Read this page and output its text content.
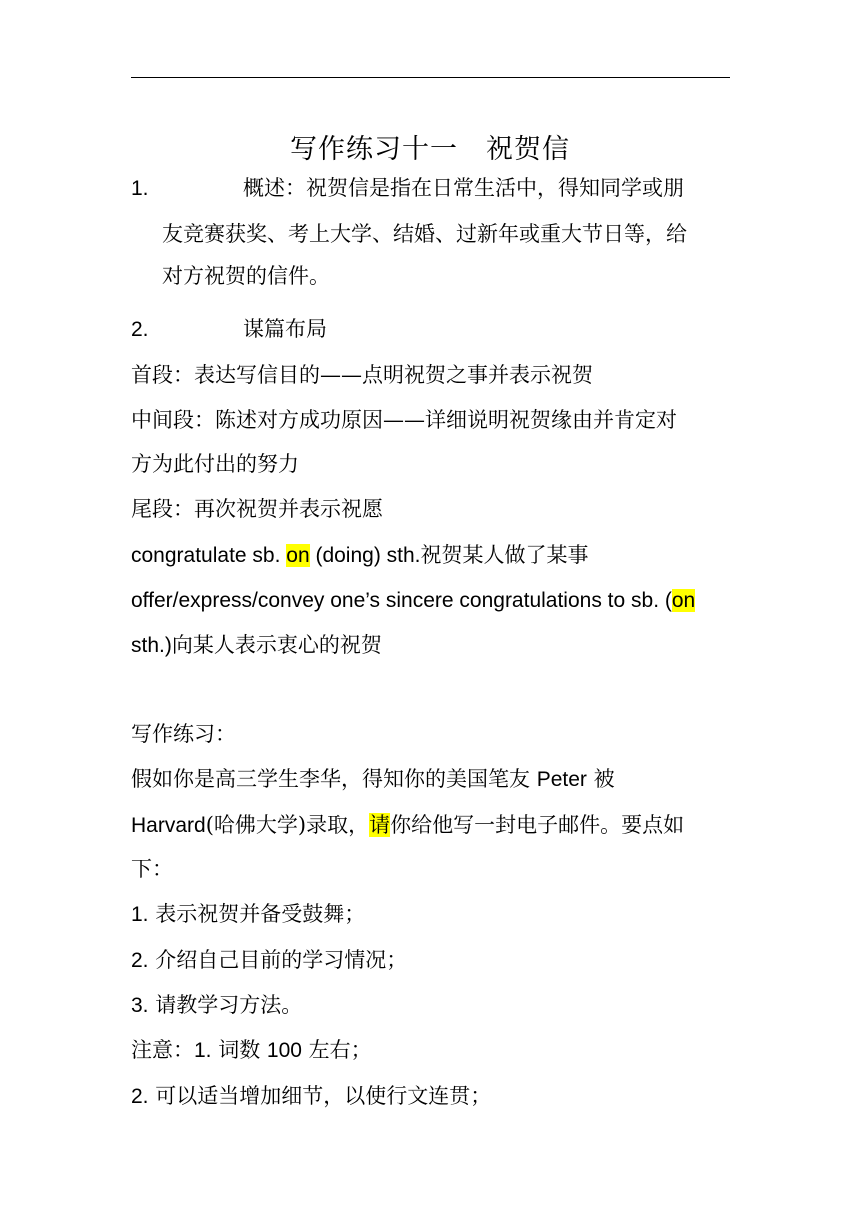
写作练习十一　祝贺信
1.	概述：祝贺信是指在日常生活中，得知同学或朋
友竞赛获奖、考上大学、结婚、过新年或重大节日等，给
对方祝贺的信件。
2.	谋篇布局
首段：表达写信目的——点明祝贺之事并表示祝贺
中间段：陈述对方成功原因——详细说明祝贺缘由并肯定对
方为此付出的努力
尾段：再次祝贺并表示祝愿
congratulate sb. on (doing) sth.祝贺某人做了某事
offer/express/convey one’s sincere congratulations to sb. (on
sth.)向某人表示衷心的祝贺
写作练习：
假如你是高三学生李华，得知你的美国笔友 Peter 被
Harvard(哈佛大学)录取，请你给他写一封电子邮件。要点如
下：
1. 表示祝贺并备受鼓舞；
2. 介绍自己目前的学习情况；
3. 请教学习方法。
注意：1. 词数 100 左右；
2. 可以适当增加细节，以使行文连贯；
